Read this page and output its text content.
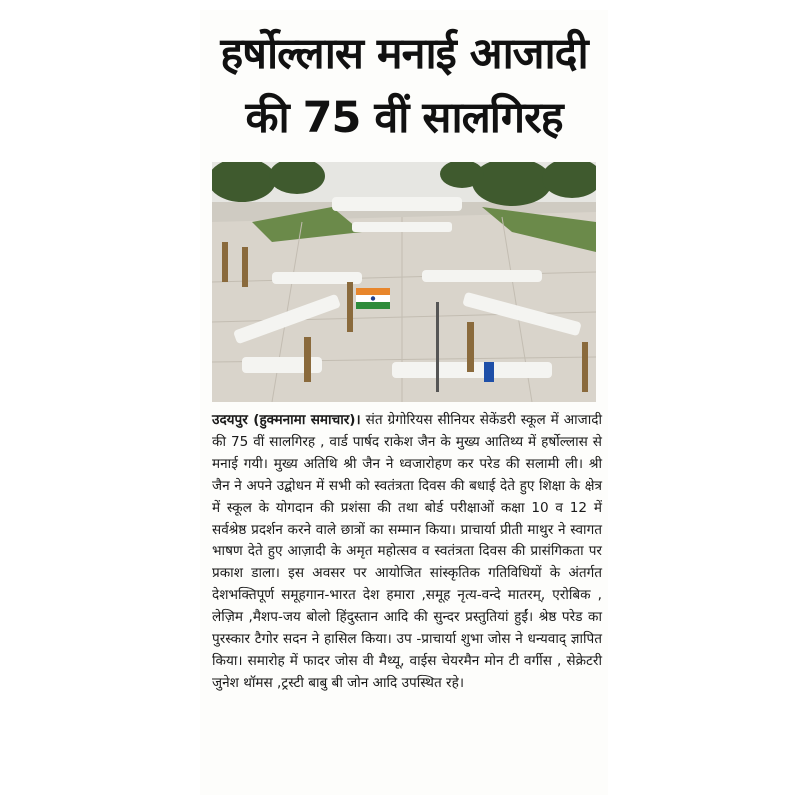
हर्षोल्लास मनाई आजादी
की 75 वीं सालगिरह

उदयपुर (हुक्मनामा समाचार)। संत ग्रेगोरियस सीनियर सेकेंडरी स्कूल में आजादी की 75 वीं सालगिरह , वार्ड पार्षद राकेश जैन के मुख्य आतिथ्य में हर्षोल्लास से मनाई गयी। मुख्य अतिथि श्री जैन ने ध्वजारोहण कर परेड की सलामी ली। श्री जैन ने अपने उद्बोधन में सभी को स्वतंत्रता दिवस की बधाई देते हुए शिक्षा के क्षेत्र में स्कूल के योगदान की प्रशंसा की तथा बोर्ड परीक्षाओं कक्षा 10 व 12 में सर्वश्रेष्ठ प्रदर्शन करने वाले छात्रों का सम्मान किया। प्राचार्या प्रीती माथुर ने स्वागत भाषण देते हुए आज़ादी के अमृत महोत्सव व स्वतंत्रता दिवस की प्रासंगिकता पर प्रकाश डाला। इस अवसर पर आयोजित सांस्कृतिक गतिविधियों के अंतर्गत देशभक्तिपूर्ण समूहगान-भारत देश हमारा ,समूह नृत्य-वन्दे मातरम्, एरोबिक , लेज़िम ,मैशप-जय बोलो हिंदुस्तान आदि की सुन्दर प्रस्तुतियां हुईं। श्रेष्ठ परेड का पुरस्कार टैगोर सदन ने हासिल किया। उप -प्राचार्या शुभा जोस ने धन्यवाद् ज्ञापित किया। समारोह में फादर जोस वी मैथ्यू, वाईस चेयरमैन मोन टी वर्गीस , सेक्रेटरी जुनेश थॉमस ,ट्रस्टी बाबु बी जोन आदि उपस्थित रहे।
